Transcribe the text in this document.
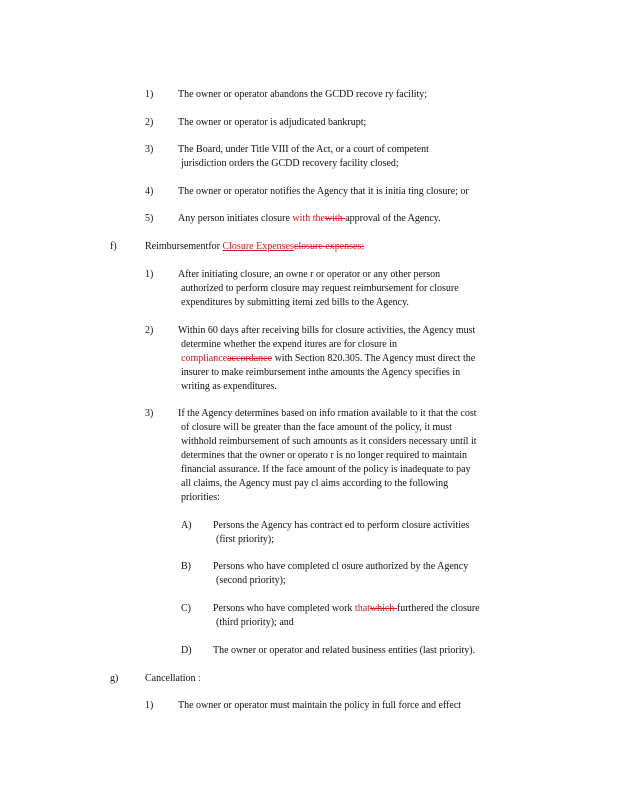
1) The owner or operator abandons the GCDD recove ry facility;
2) The owner or operator is adjudicated bankrupt;
3) The Board, under Title VIII of the Act, or a court of competent
jurisdiction orders the GCDD recovery facility closed;
4) The owner or operator notifies the Agency that it is initia ting closure; or
5) Any person initiates closure with thewith approval of the Agency.
f)	Reimbursementfor Closure Expensesclosure expenses:
1) After initiating closure, an owne r or operator or any other person
authorized to perform closure may request reimbursement for closure
expenditures by submitting itemi zed bills to the Agency.
2) Within 60 days after receiving bills for closure activities, the Agency must
determine whether the expend itures are for closure in
complianceaccordance with Section 820.305. The Agency must direct the
insurer to make reimbursement inthe amounts the Agency specifies in
writing as expenditures.
3) If the Agency determines based on info rmation available to it that the cost
of closure will be greater than the face amount of the policy, it must
withhold reimbursement of such amounts as it considers necessary until it
determines that the owner or operato r is no longer required to maintain
financial assurance. If the face amount of the policy is inadequate to pay
all claims, the Agency must pay cl aims according to the following
priorities:
A) Persons the Agency has contract ed to perform closure activities
(first priority);
B) Persons who have completed cl osure authorized by the Agency
(second priority);
C) Persons who have completed work thatwhich furthered the closure
(third priority); and
D) The owner or operator and related business entities (last priority).
g)	Cancellation :
1) The owner or operator must maintain the policy in full force and effect
